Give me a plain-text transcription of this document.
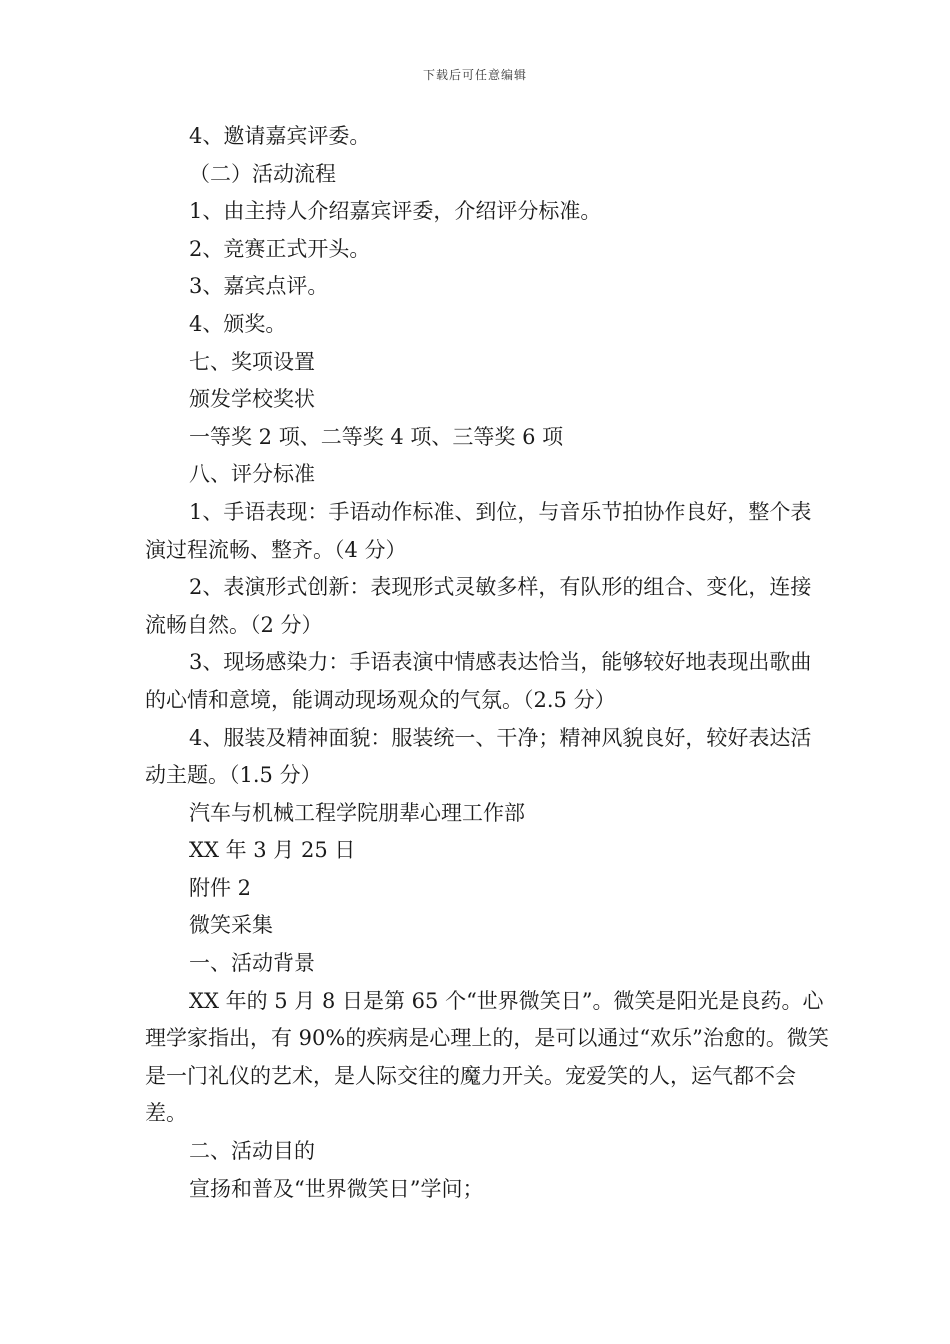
下载后可任意编辑

4、邀请嘉宾评委。

（二）活动流程

1、由主持人介绍嘉宾评委，介绍评分标准。

2、竞赛正式开头。

3、嘉宾点评。

4、颁奖。

七、奖项设置

颁发学校奖状

一等奖 2 项、二等奖 4 项、三等奖 6 项

八、评分标准

1、手语表现：手语动作标准、到位，与音乐节拍协作良好，整个表演过程流畅、整齐。（4 分）

2、表演形式创新：表现形式灵敏多样，有队形的组合、变化，连接流畅自然。（2 分）

3、现场感染力：手语表演中情感表达恰当，能够较好地表现出歌曲的心情和意境，能调动现场观众的气氛。（2.5 分）

4、服装及精神面貌：服装统一、干净；精神风貌良好，较好表达活动主题。（1.5 分）

汽车与机械工程学院朋辈心理工作部

XX 年 3 月 25 日

附件 2

微笑采集

一、活动背景

XX 年的 5 月 8 日是第 65 个“世界微笑日”。微笑是阳光是良药。心理学家指出，有 90%的疾病是心理上的，是可以通过“欢乐”治愈的。微笑是一门礼仪的艺术，是人际交往的魔力开关。宠爱笑的人，运气都不会差。

二、活动目的

宣扬和普及“世界微笑日”学问；
